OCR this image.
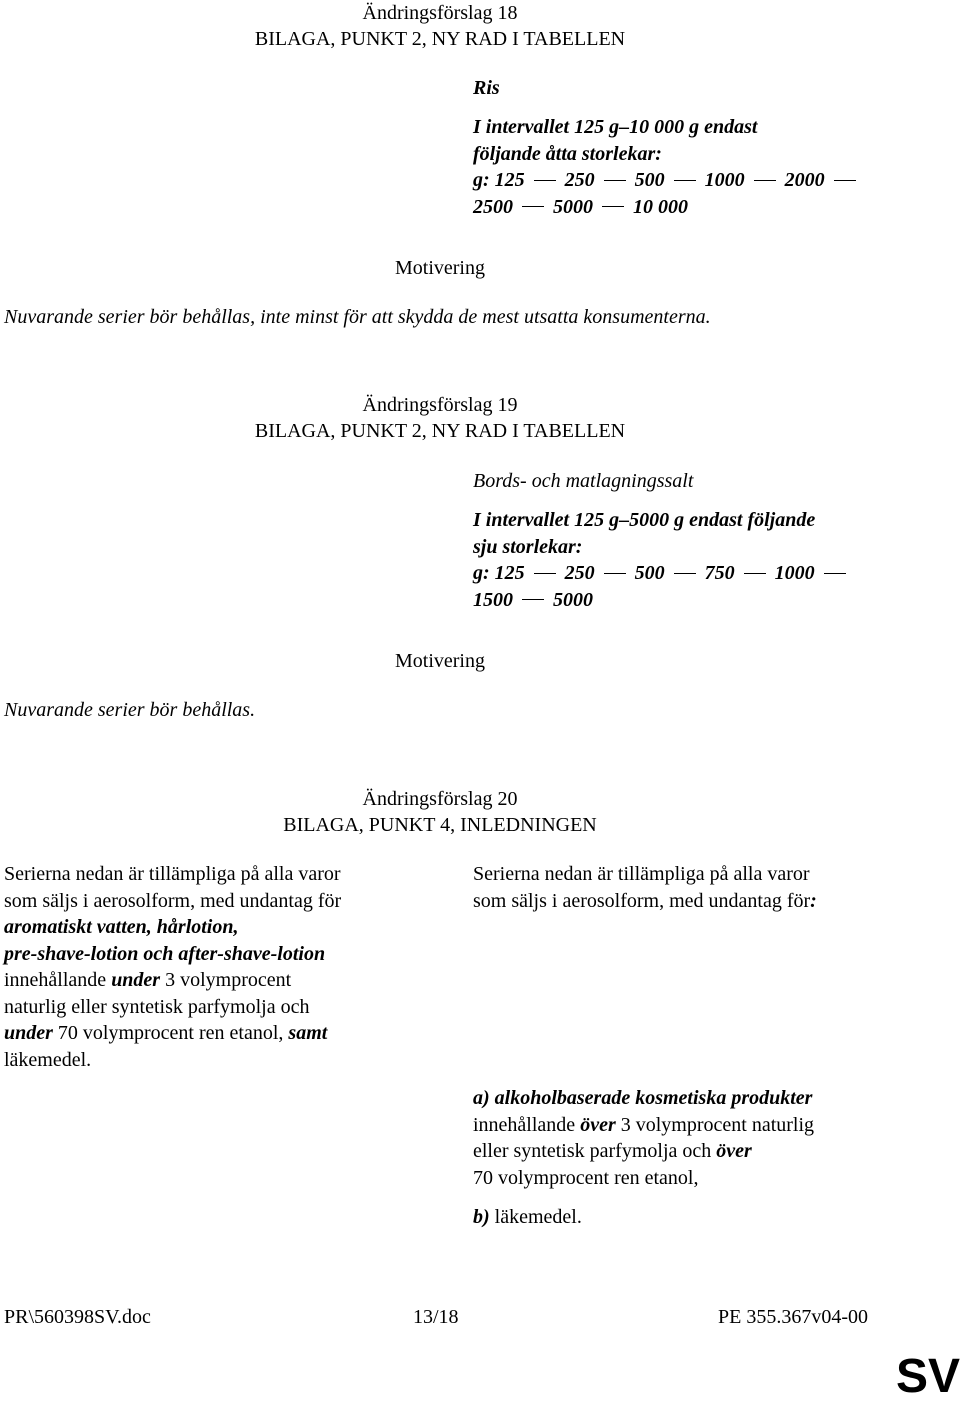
Ändringsförslag 18
BILAGA, PUNKT 2, NY RAD I TABELLEN
Ris
I intervallet 125 g–10 000 g endast
följande åtta storlekar:
g: 125 250 500 1000 2000
2500 5000 10 000
Motivering
Nuvarande serier bör behållas, inte minst för att skydda de mest utsatta konsumenterna.
Ändringsförslag 19
BILAGA, PUNKT 2, NY RAD I TABELLEN
Bords- och matlagningssalt
I intervallet 125 g–5000 g endast följande
sju storlekar:
g: 125 250 500 750 1000
1500 5000
Motivering
Nuvarande serier bör behållas.
Ändringsförslag 20
BILAGA, PUNKT 4, INLEDNINGEN
Serierna nedan är tillämpliga på alla varor
som säljs i aerosolform, med undantag för
aromatiskt vatten, hårlotion,
pre-shave-lotion och after-shave-lotion
innehållande under 3 volymprocent
naturlig eller syntetisk parfymolja och
under 70 volymprocent ren etanol, samt
läkemedel.
Serierna nedan är tillämpliga på alla varor
som säljs i aerosolform, med undantag för:
a) alkoholbaserade kosmetiska produkter
innehållande över 3 volymprocent naturlig
eller syntetisk parfymolja och över
70 volymprocent ren etanol,
b) läkemedel.
PR\560398SV.doc	13/18	PE 355.367v04-00
SV
